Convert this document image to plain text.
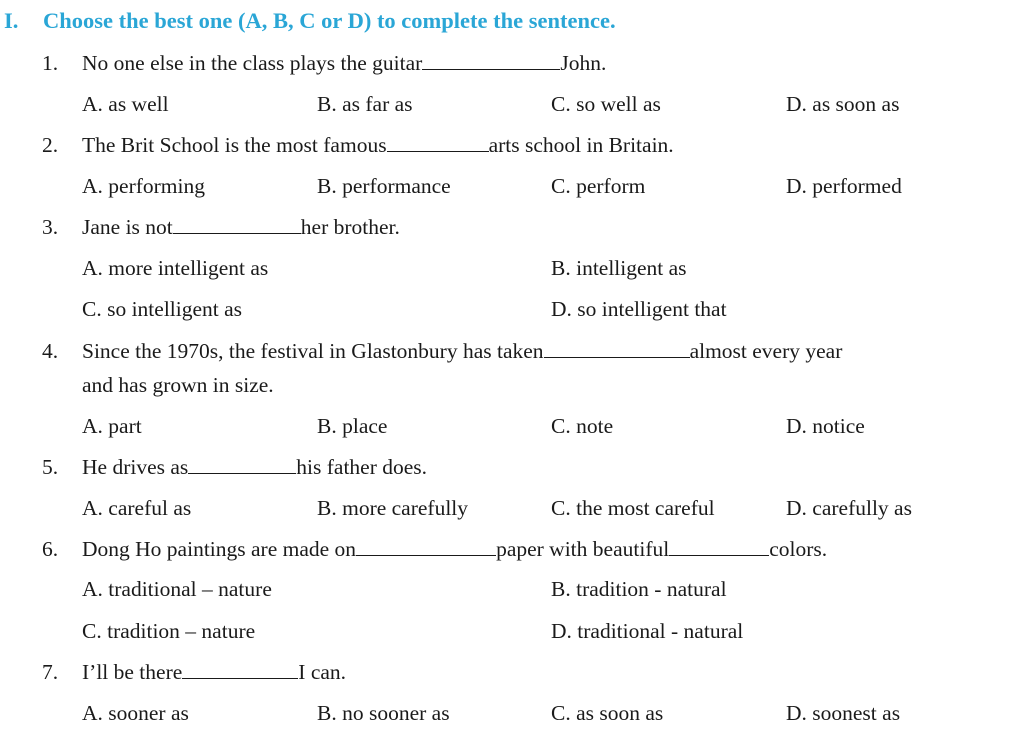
I. Choose the best one (A, B, C or D) to complete the sentence.
1. No one else in the class plays the guitar	John.
A. as well	B. as far as	C. so well as	D. as soon as
2. The Brit School is the most famous	arts school in Britain.
A. performing	B. performance	C. perform	D. performed
3. Jane is not	her brother.
A. more intelligent as	B. intelligent as
C. so intelligent as	D. so intelligent that
4. Since the 1970s, the festival in Glastonbury has taken	almost every year
and has grown in size.
A. part	B. place	C. note	D. notice
5. He drives as	his father does.
A. careful as	B. more carefully	C. the most careful	D. carefully as
6. Dong Ho paintings are made on	paper with beautiful	colors.
A. traditional – nature	B. tradition - natural
C. tradition – nature	D. traditional - natural
7. I’ll be there	I can.
A. sooner as	B. no sooner as	C. as soon as	D. soonest as
